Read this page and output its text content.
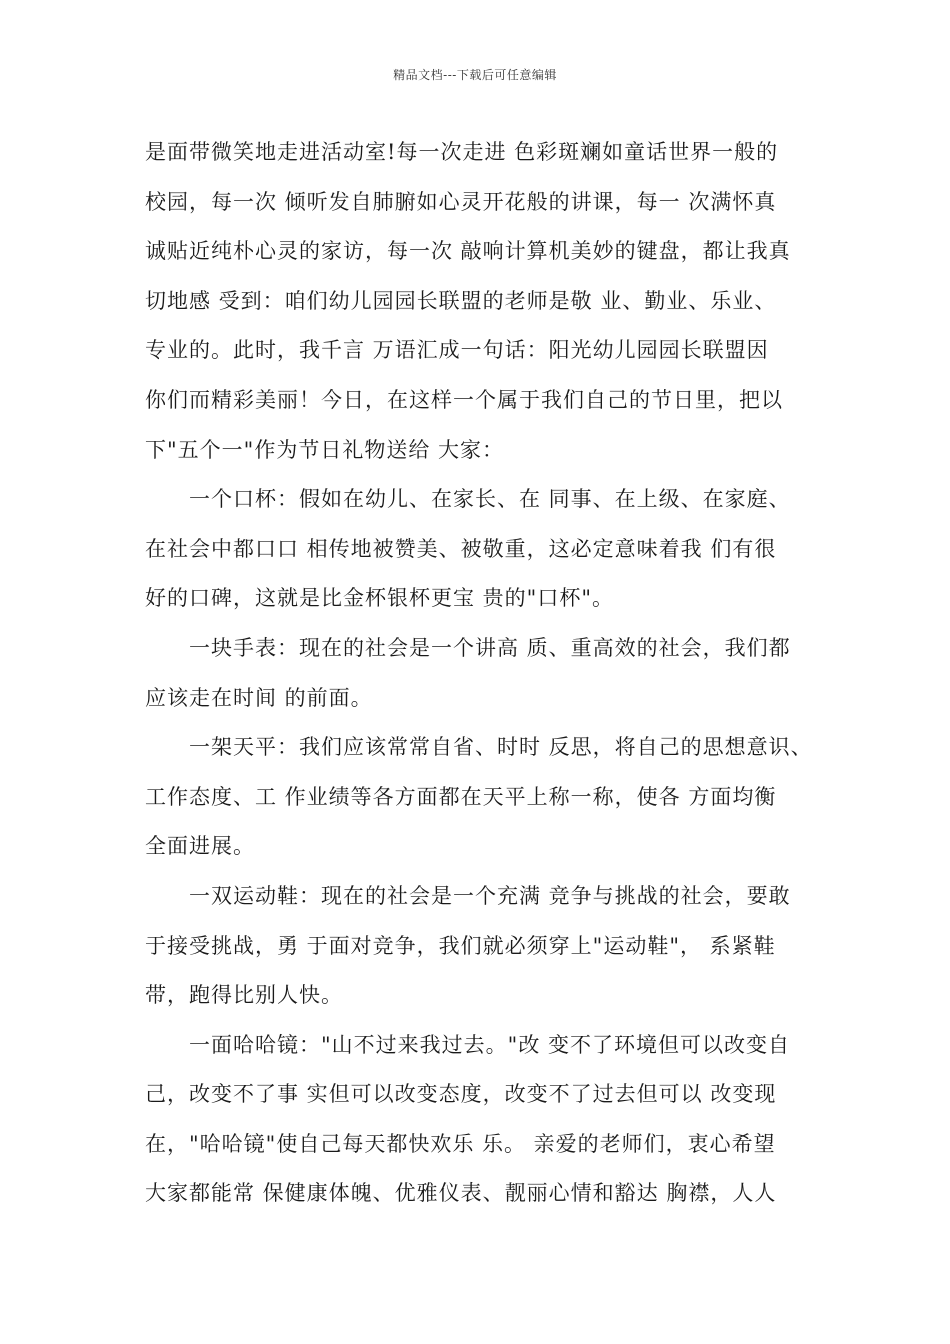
精品文档---下载后可任意编辑
是面带微笑地走进活动室!每一次走进 色彩斑斓如童话世界一般的
校园，每一次 倾听发自肺腑如心灵开花般的讲课，每一 次满怀真
诚贴近纯朴心灵的家访，每一次 敲响计算机美妙的键盘，都让我真
切地感 受到：咱们幼儿园园长联盟的老师是敬 业、勤业、乐业、
专业的。此时，我千言 万语汇成一句话：阳光幼儿园园长联盟因
你们而精彩美丽！今日，在这样一个属于我们自己的节日里，把以
下"五个一"作为节日礼物送给 大家：
一个口杯：假如在幼儿、在家长、在 同事、在上级、在家庭、
在社会中都口口 相传地被赞美、被敬重，这必定意味着我 们有很
好的口碑，这就是比金杯银杯更宝 贵的"口杯"。
一块手表：现在的社会是一个讲高 质、重高效的社会，我们都
应该走在时间 的前面。
一架天平：我们应该常常自省、时时 反思，将自己的思想意识、
工作态度、工 作业绩等各方面都在天平上称一称，使各 方面均衡
全面进展。
一双运动鞋：现在的社会是一个充满 竞争与挑战的社会，要敢
于接受挑战，勇 于面对竞争，我们就必须穿上"运动鞋"， 系紧鞋
带，跑得比别人快。
一面哈哈镜："山不过来我过去。"改 变不了环境但可以改变自
己，改变不了事 实但可以改变态度，改变不了过去但可以 改变现
在，"哈哈镜"使自己每天都快欢乐 乐。 亲爱的老师们，衷心希望
大家都能常 保健康体魄、优雅仪表、靓丽心情和豁达 胸襟，人人
